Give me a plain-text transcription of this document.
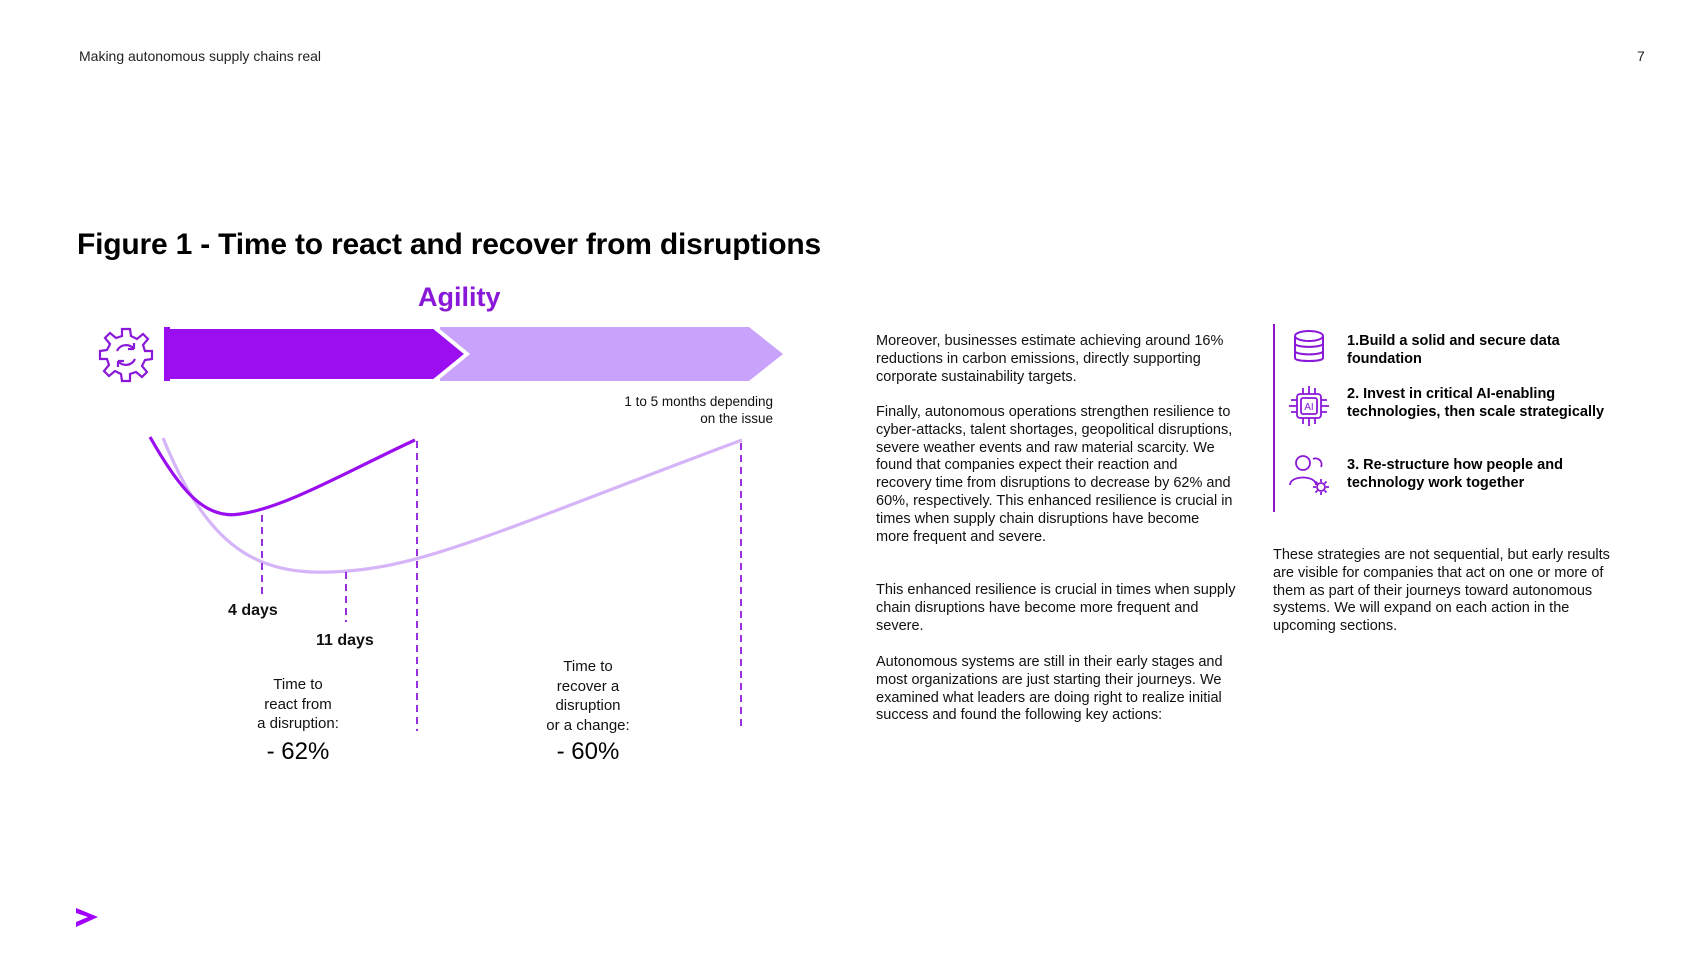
Making autonomous supply chains real	7
Figure 1 - Time to react and recover from disruptions
Agility
1 to 5 months depending
on the issue
4 days
11 days
Time to
react from
a disruption:
- 62%
Time to
recover a
disruption
or a change:
- 60%

Moreover, businesses estimate achieving around 16% reductions in carbon emissions, directly supporting corporate sustainability targets.

Finally, autonomous operations strengthen resilience to cyber-attacks, talent shortages, geopolitical disruptions, severe weather events and raw material scarcity. We found that companies expect their reaction and recovery time from disruptions to decrease by 62% and 60%, respectively. This enhanced resilience is crucial in times when supply chain disruptions have become more frequent and severe.

This enhanced resilience is crucial in times when supply chain disruptions have become more frequent and severe.

Autonomous systems are still in their early stages and most organizations are just starting their journeys. We examined what leaders are doing right to realize initial success and found the following key actions:

1.Build a solid and secure data foundation
AI
2. Invest in critical AI-enabling technologies, then scale strategically
3. Re-structure how people and technology work together

These strategies are not sequential, but early results are visible for companies that act on one or more of them as part of their journeys toward autonomous systems. We will expand on each action in the upcoming sections.
